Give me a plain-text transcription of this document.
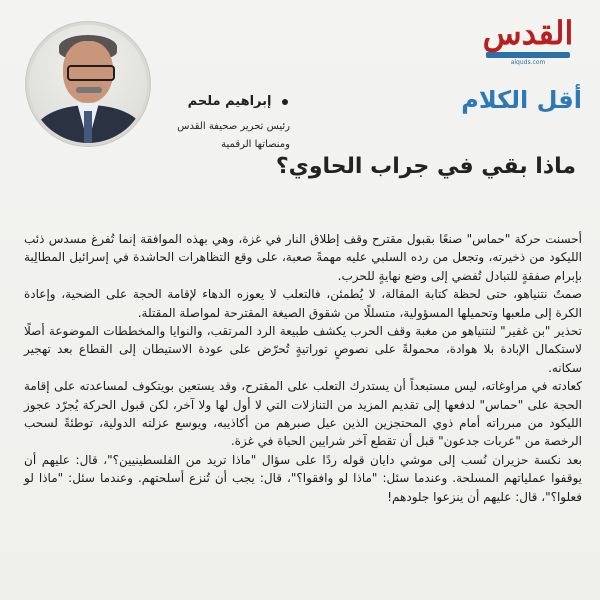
القدس
alquds.com
أقل الكلام
إبراهيم ملحم
رئيس تحرير صحيفة القدس
ومنصاتها الرقمية
ماذا بقي في جراب الحاوي؟

أحسنت حركة "حماس" صنعًا بقبول مقترح وقف إطلاق النار في غزة، وهي بهذه الموافقة إنما تُفرغ مسدس ذئب الليكود من ذخيرته، وتجعل من رده السلبي عليه مهمةً صعبة، على وقع التظاهرات الحاشدة في إسرائيل المطالِبة بإبرام صفقةٍ للتبادل تُفضي إلى وضع نهايةٍ للحرب.

صمتٌ نتنياهو، حتى لحظة كتابة المقالة، لا يُطمئن، فالتعلب لا يعوزه الدهاء لإقامة الحجة على الضحية، وإعادة الكرة إلى ملعبها وتحميلها المسؤولية، متسللًا من شقوق الصيغة المقترحة لمواصلة المقتلة.

تحذير "بن غفير" لنتنياهو من مغبة وقف الحرب يكشف طبيعة الرد المرتقب، والنوايا والمخططات الموضوعة أصلًا لاستكمال الإبادة بلا هوادة، محمولةً على نصوصٍ توراتيةٍ تُحرّض على عودة الاستيطان إلى القطاع بعد تهجير سكانه.

كعادته في مراوغاته، ليس مستبعداً أن يستدرك التعلب على المقترح، وقد يستعين بويتكوف لمساعدته على إقامة الحجة على "حماس" لدفعها إلى تقديم المزيد من التنازلات التي لا أول لها ولا آخر، لكن قبول الحركة يُجرّد عجوز الليكود من مبرراته أمام ذوي المحتجزين الذين عيل صبرهم من أكاذيبه، ويوسع عزلته الدولية، توطئةً لسحب الرخصة من "عربات جدعون" قبل أن تقطع آخر شرايين الحياة في غزة.

بعد نكسة حزيران نُسب إلى موشي دايان قوله ردًا على سؤال "ماذا تريد من الفلسطينيين؟"، قال: عليهم أن يوقفوا عملياتهم المسلحة. وعندما سئل: "ماذا لو وافقوا؟"، قال: يجب أن تُنزع أسلحتهم. وعندما سئل: "ماذا لو فعلوا؟"، قال: عليهم أن ينزعوا جلودهم!
